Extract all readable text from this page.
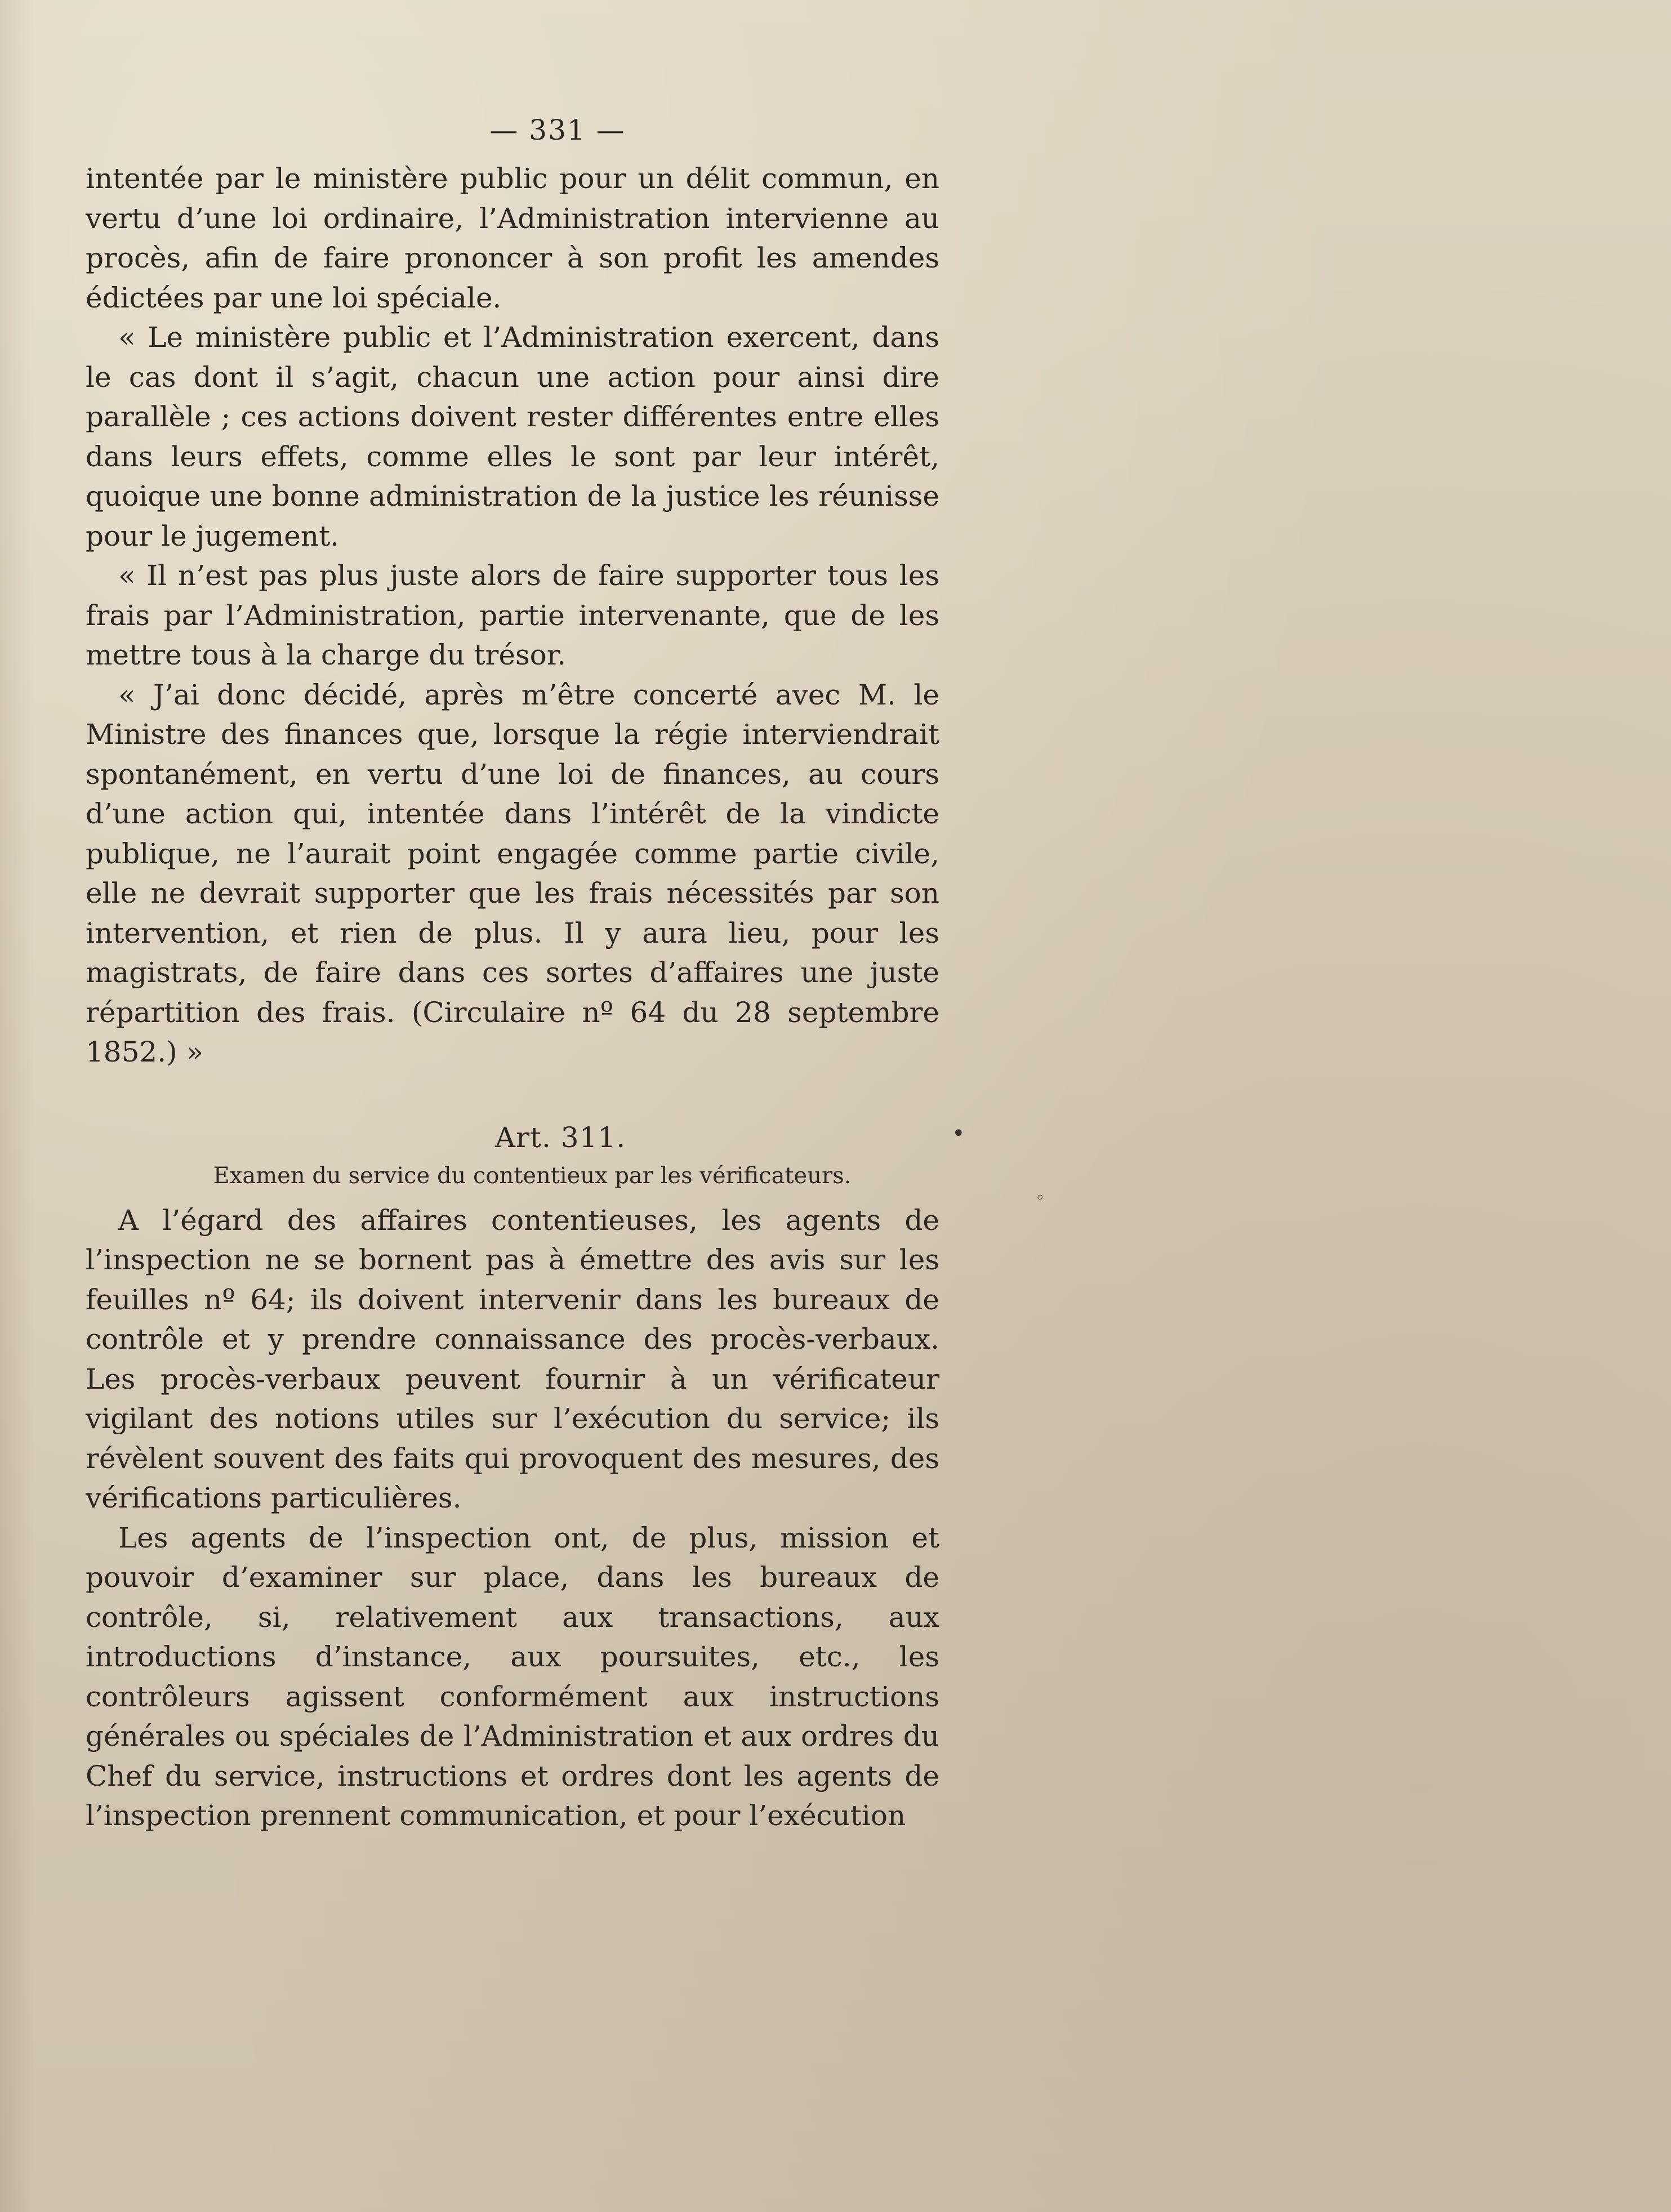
— 331 —

intentée par le ministère public pour un délit commun, en vertu d’une loi ordinaire, l’Administration intervienne au procès, afin de faire prononcer à son profit les amendes édictées par une loi spéciale.

« Le ministère public et l’Administration exercent, dans le cas dont il s’agit, chacun une action pour ainsi dire parallèle ; ces actions doivent rester différentes entre elles dans leurs effets, comme elles le sont par leur intérêt, quoique une bonne administration de la justice les réunisse pour le jugement.

« Il n’est pas plus juste alors de faire supporter tous les frais par l’Administration, partie intervenante, que de les mettre tous à la charge du trésor.

« J’ai donc décidé, après m’être concerté avec M. le Ministre des finances que, lorsque la régie interviendrait spontanément, en vertu d’une loi de finances, au cours d’une action qui, intentée dans l’intérêt de la vindicte publique, ne l’aurait point engagée comme partie civile, elle ne devrait supporter que les frais nécessités par son intervention, et rien de plus. Il y aura lieu, pour les magistrats, de faire dans ces sortes d’affaires une juste répartition des frais. (Circulaire nº 64 du 28 septembre 1852.) »

Art. 311.
Examen du service du contentieux par les vérificateurs.

A l’égard des affaires contentieuses, les agents de l’inspection ne se bornent pas à émettre des avis sur les feuilles nº 64; ils doivent intervenir dans les bureaux de contrôle et y prendre connaissance des procès-verbaux. Les procès-verbaux peuvent fournir à un vérificateur vigilant des notions utiles sur l’exécution du service; ils révèlent souvent des faits qui provoquent des mesures, des vérifications particulières.

Les agents de l’inspection ont, de plus, mission et pouvoir d’examiner sur place, dans les bureaux de contrôle, si, relativement aux transactions, aux introductions d’instance, aux poursuites, etc., les contrôleurs agissent conformément aux instructions générales ou spéciales de l’Administration et aux ordres du Chef du service, instructions et ordres dont les agents de l’inspection prennent communication, et pour l’exécution

•
◦
